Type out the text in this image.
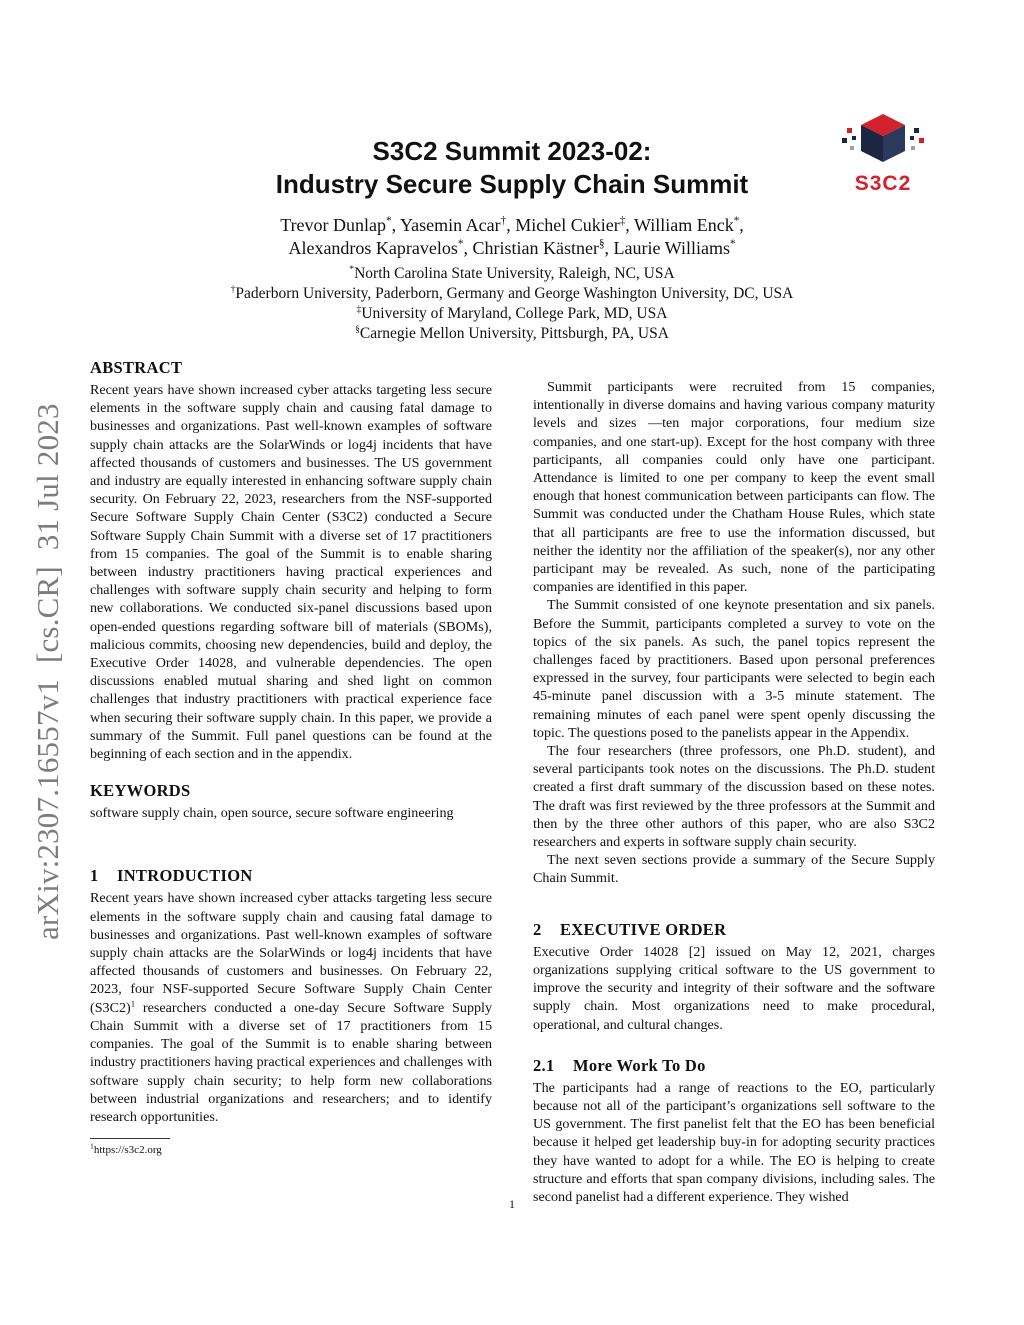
arXiv:2307.16557v1  [cs.CR]  31 Jul 2023
S3C2 Summit 2023-02:
Industry Secure Supply Chain Summit	S3C2
Trevor Dunlap*, Yasemin Acar†, Michel Cukier‡, William Enck*,
Alexandros Kapravelos*, Christian Kästner§, Laurie Williams*
*North Carolina State University, Raleigh, NC, USA
†Paderborn University, Paderborn, Germany and George Washington University, DC, USA
‡University of Maryland, College Park, MD, USA
§Carnegie Mellon University, Pittsburgh, PA, USA
ABSTRACT

Recent years have shown increased cyber attacks targeting less secure elements in the software supply chain and causing fatal damage to businesses and organizations. Past well-known examples of software supply chain attacks are the SolarWinds or log4j incidents that have affected thousands of customers and businesses. The US government and industry are equally interested in enhancing software supply chain security. On February 22, 2023, researchers from the NSF-supported Secure Software Supply Chain Center (S3C2) conducted a Secure Software Supply Chain Summit with a diverse set of 17 practitioners from 15 companies. The goal of the Summit is to enable sharing between industry practitioners having practical experiences and challenges with software supply chain security and helping to form new collaborations. We conducted six-panel discussions based upon open-ended questions regarding software bill of materials (SBOMs), malicious commits, choosing new dependencies, build and deploy, the Executive Order 14028, and vulnerable dependencies. The open discussions enabled mutual sharing and shed light on common challenges that industry practitioners with practical experience face when securing their software supply chain. In this paper, we provide a summary of the Summit. Full panel questions can be found at the beginning of each section and in the appendix.

KEYWORDS

software supply chain, open source, secure software engineering

1 INTRODUCTION

Recent years have shown increased cyber attacks targeting less secure elements in the software supply chain and causing fatal damage to businesses and organizations. Past well-known examples of software supply chain attacks are the SolarWinds or log4j incidents that have affected thousands of customers and businesses. On February 22, 2023, four NSF-supported Secure Software Supply Chain Center $(S3C2)^1$ researchers conducted a one-day Secure Software Supply Chain Summit with a diverse set of 17 practitioners from 15 companies. The goal of the Summit is to enable sharing between industry practitioners having practical experiences and challenges with software supply chain security; to help form new collaborations between industrial organizations and researchers; and to identify research opportunities.

$^1$https://s3c2.org

Summit participants were recruited from 15 companies, intentionally in diverse domains and having various company maturity levels and sizes —ten major corporations, four medium size companies, and one start-up). Except for the host company with three participants, all companies could only have one participant. Attendance is limited to one per company to keep the event small enough that honest communication between participants can flow. The Summit was conducted under the Chatham House Rules, which state that all participants are free to use the information discussed, but neither the identity nor the affiliation of the speaker(s), nor any other participant may be revealed. As such, none of the participating companies are identified in this paper.

The Summit consisted of one keynote presentation and six panels. Before the Summit, participants completed a survey to vote on the topics of the six panels. As such, the panel topics represent the challenges faced by practitioners. Based upon personal preferences expressed in the survey, four participants were selected to begin each 45-minute panel discussion with a 3-5 minute statement. The remaining minutes of each panel were spent openly discussing the topic. The questions posed to the panelists appear in the Appendix.

The four researchers (three professors, one Ph.D. student), and several participants took notes on the discussions. The Ph.D. student created a first draft summary of the discussion based on these notes. The draft was first reviewed by the three professors at the Summit and then by the three other authors of this paper, who are also S3C2 researchers and experts in software supply chain security.

The next seven sections provide a summary of the Secure Supply Chain Summit.

2 EXECUTIVE ORDER

Executive Order 14028 [2] issued on May 12, 2021, charges organizations supplying critical software to the US government to improve the security and integrity of their software and the software supply chain. Most organizations need to make procedural, operational, and cultural changes.

2.1 More Work To Do

The participants had a range of reactions to the EO, particularly because not all of the participant’s organizations sell software to the US government. The first panelist felt that the EO has been beneficial because it helped get leadership buy-in for adopting security practices they have wanted to adopt for a while. The EO is helping to create structure and efforts that span company divisions, including sales. The second panelist had a different experience. They wished

1
